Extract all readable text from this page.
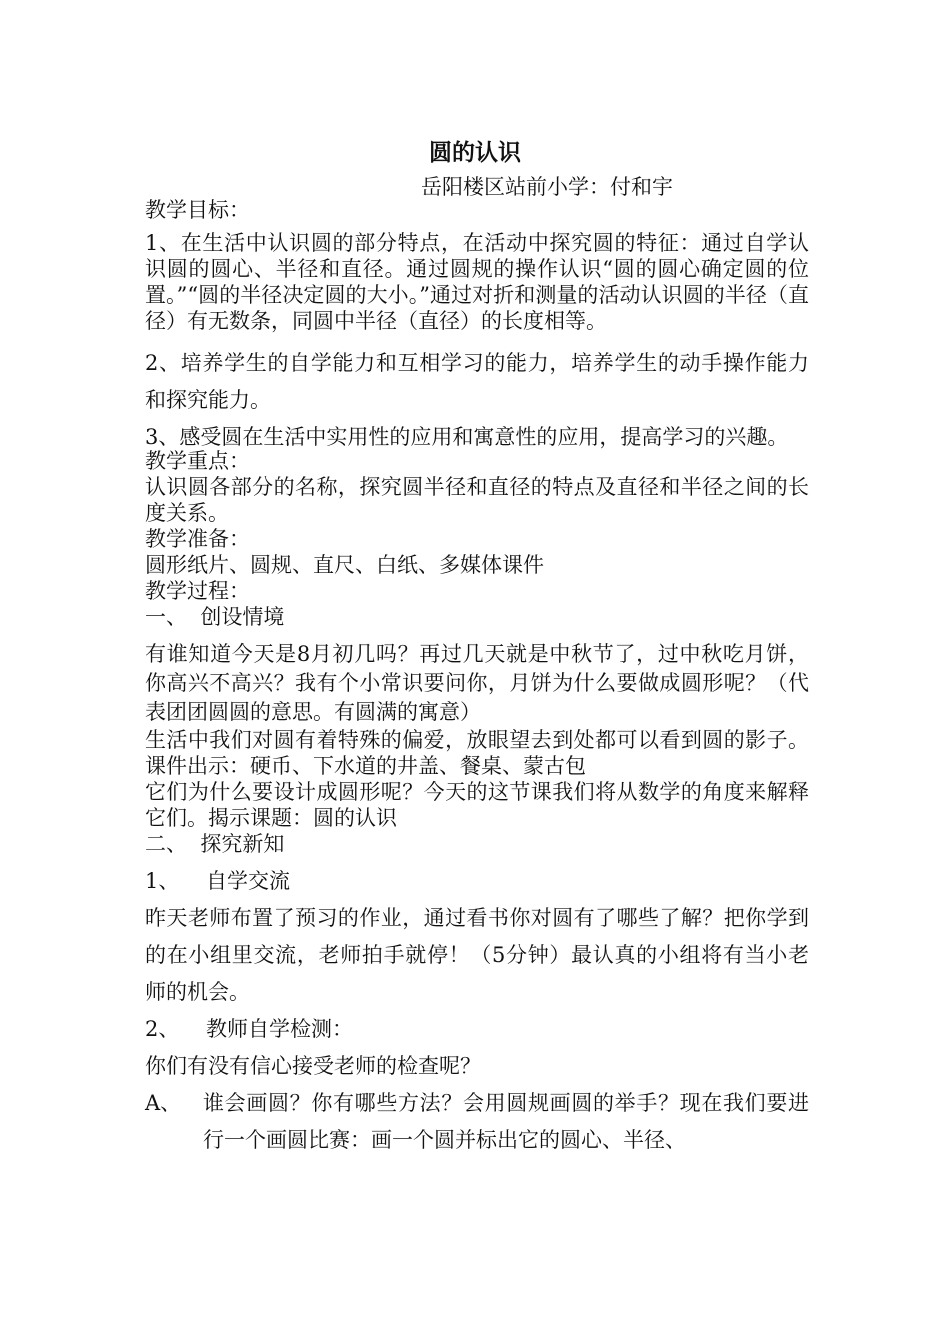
圆的认识
岳阳楼区站前小学：付和宇

教学目标：

1、在生活中认识圆的部分特点，在活动中探究圆的特征：通过自学认识圆的圆心、半径和直径。通过圆规的操作认识“圆的圆心确定圆的位置。”“圆的半径决定圆的大小。”通过对折和测量的活动认识圆的半径（直径）有无数条，同圆中半径（直径）的长度相等。

2、培养学生的自学能力和互相学习的能力，培养学生的动手操作能力和探究能力。

3、感受圆在生活中实用性的应用和寓意性的应用，提高学习的兴趣。

教学重点：

认识圆各部分的名称，探究圆半径和直径的特点及直径和半径之间的长度关系。

教学准备：

圆形纸片、圆规、直尺、白纸、多媒体课件

教学过程：

一、  创设情境

有谁知道今天是8月初几吗？再过几天就是中秋节了，过中秋吃月饼，你高兴不高兴？我有个小常识要问你，月饼为什么要做成圆形呢？（代表团团圆圆的意思。有圆满的寓意）

生活中我们对圆有着特殊的偏爱，放眼望去到处都可以看到圆的影子。课件出示：硬币、下水道的井盖、餐桌、蒙古包

它们为什么要设计成圆形呢？今天的这节课我们将从数学的角度来解释它们。揭示课题：圆的认识

二、  探究新知

1、    自学交流

昨天老师布置了预习的作业，通过看书你对圆有了哪些了解？把你学到的在小组里交流，老师拍手就停！（5分钟）最认真的小组将有当小老师的机会。

2、    教师自学检测：

你们有没有信心接受老师的检查呢？

A、	谁会画圆？你有哪些方法？会用圆规画圆的举手？现在我们要进行一个画圆比赛：画一个圆并标出它的圆心、半径、
